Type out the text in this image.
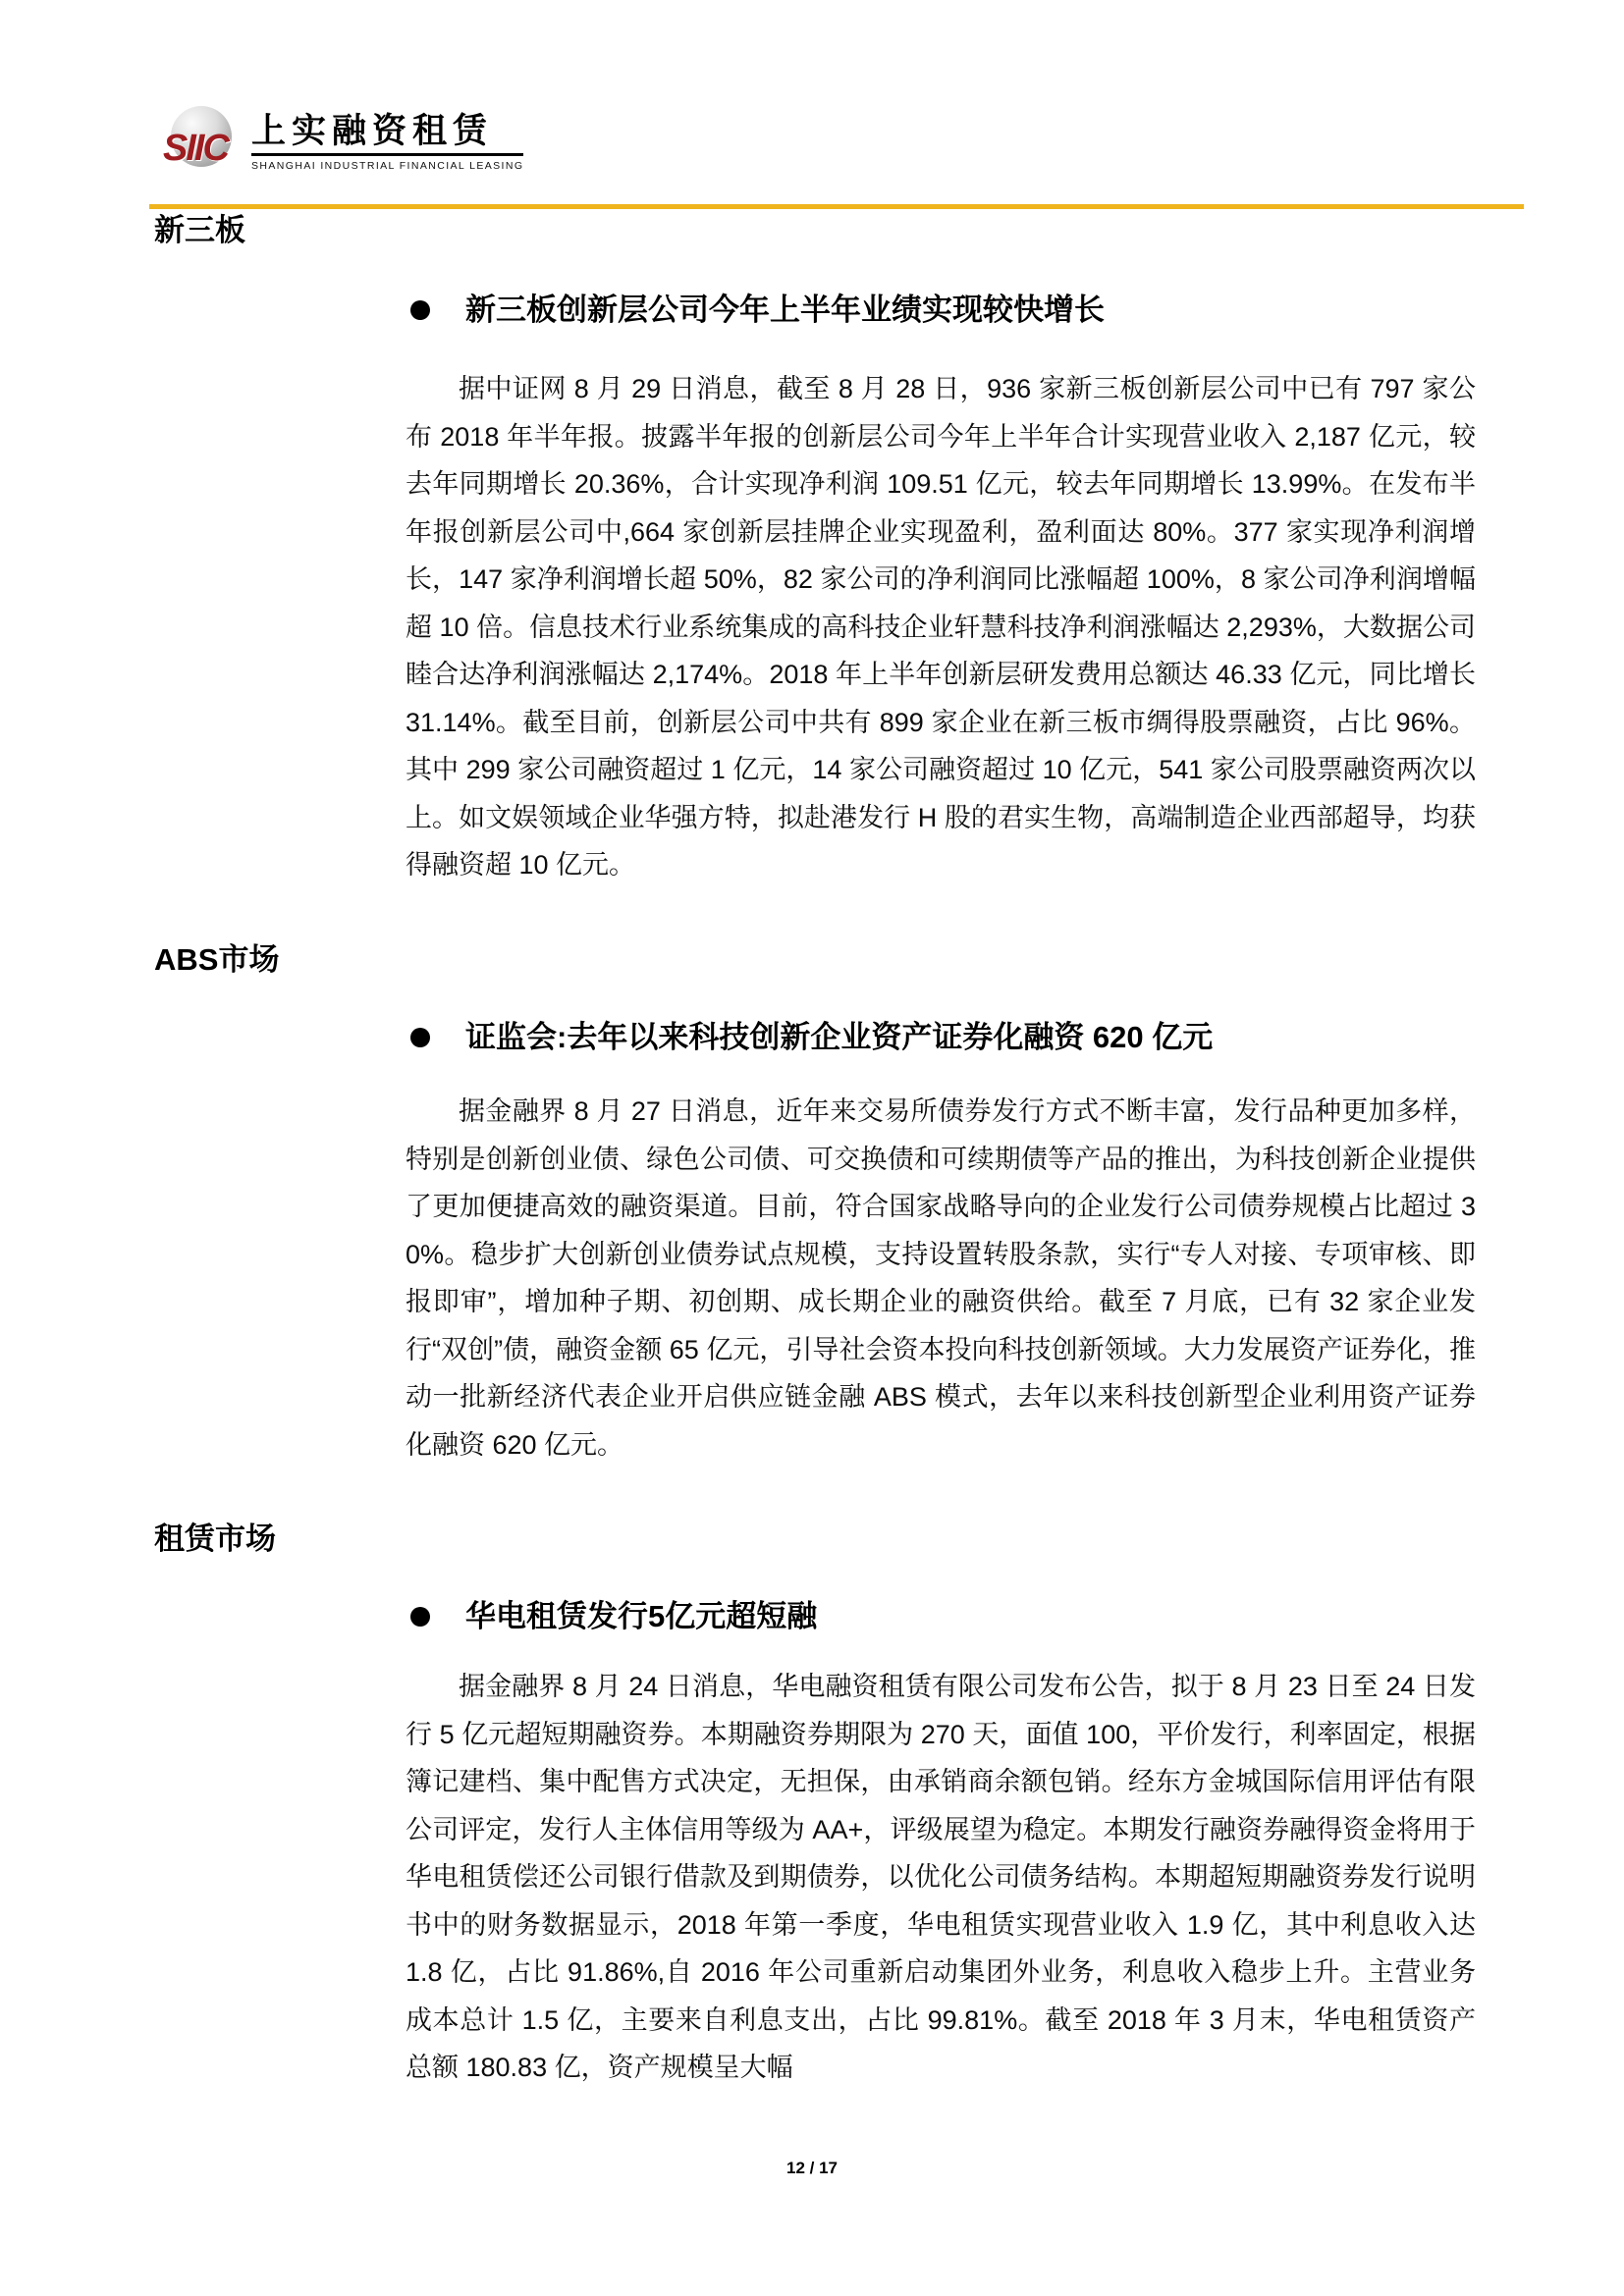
SIIC 上实融资租赁
SHANGHAI INDUSTRIAL FINANCIAL LEASING
新三板
新三板创新层公司今年上半年业绩实现较快增长

据中证网 8 月 29 日消息，截至 8 月 28 日，936 家新三板创新层公司中已有 797 家公布 2018 年半年报。披露半年报的创新层公司今年上半年合计实现营业收入 2,187 亿元，较去年同期增长 20.36%，合计实现净利润 109.51 亿元，较去年同期增长 13.99%。在发布半年报创新层公司中,664 家创新层挂牌企业实现盈利，盈利面达 80%。377 家实现净利润增长，147 家净利润增长超 50%，82 家公司的净利润同比涨幅超 100%，8 家公司净利润增幅超 10 倍。信息技术行业系统集成的高科技企业轩慧科技净利润涨幅达 2,293%，大数据公司睦合达净利润涨幅达 2,174%。2018 年上半年创新层研发费用总额达 46.33 亿元，同比增长 31.14%。截至目前，创新层公司中共有 899 家企业在新三板市绸得股票融资，占比 96%。其中 299 家公司融资超过 1 亿元，14 家公司融资超过 10 亿元，541 家公司股票融资两次以上。如文娱领域企业华强方特，拟赴港发行 H 股的君实生物，高端制造企业西部超导，均获得融资超 10 亿元。

ABS市场
证监会:去年以来科技创新企业资产证券化融资 620 亿元

据金融界 8 月 27 日消息，近年来交易所债券发行方式不断丰富，发行品种更加多样，特别是创新创业债、绿色公司债、可交换债和可续期债等产品的推出，为科技创新企业提供了更加便捷高效的融资渠道。目前，符合国家战略导向的企业发行公司债券规模占比超过 30%。稳步扩大创新创业债券试点规模，支持设置转股条款，实行“专人对接、专项审核、即报即审”，增加种子期、初创期、成长期企业的融资供给。截至 7 月底，已有 32 家企业发行“双创”债，融资金额 65 亿元，引导社会资本投向科技创新领域。大力发展资产证券化，推动一批新经济代表企业开启供应链金融 ABS 模式，去年以来科技创新型企业利用资产证券化融资 620 亿元。

租赁市场
华电租赁发行5亿元超短融

据金融界 8 月 24 日消息，华电融资租赁有限公司发布公告，拟于 8 月 23 日至 24 日发行 5 亿元超短期融资券。本期融资券期限为 270 天，面值 100，平价发行，利率固定，根据簿记建档、集中配售方式决定，无担保，由承销商余额包销。经东方金城国际信用评估有限公司评定，发行人主体信用等级为 AA+，评级展望为稳定。本期发行融资券融得资金将用于华电租赁偿还公司银行借款及到期债券，以优化公司债务结构。本期超短期融资券发行说明书中的财务数据显示，2018 年第一季度，华电租赁实现营业收入 1.9 亿，其中利息收入达 1.8 亿，占比 91.86%,自 2016 年公司重新启动集团外业务，利息收入稳步上升。主营业务成本总计 1.5 亿，主要来自利息支出，占比 99.81%。截至 2018 年 3 月末，华电租赁资产总额 180.83 亿，资产规模呈大幅

12 / 17
